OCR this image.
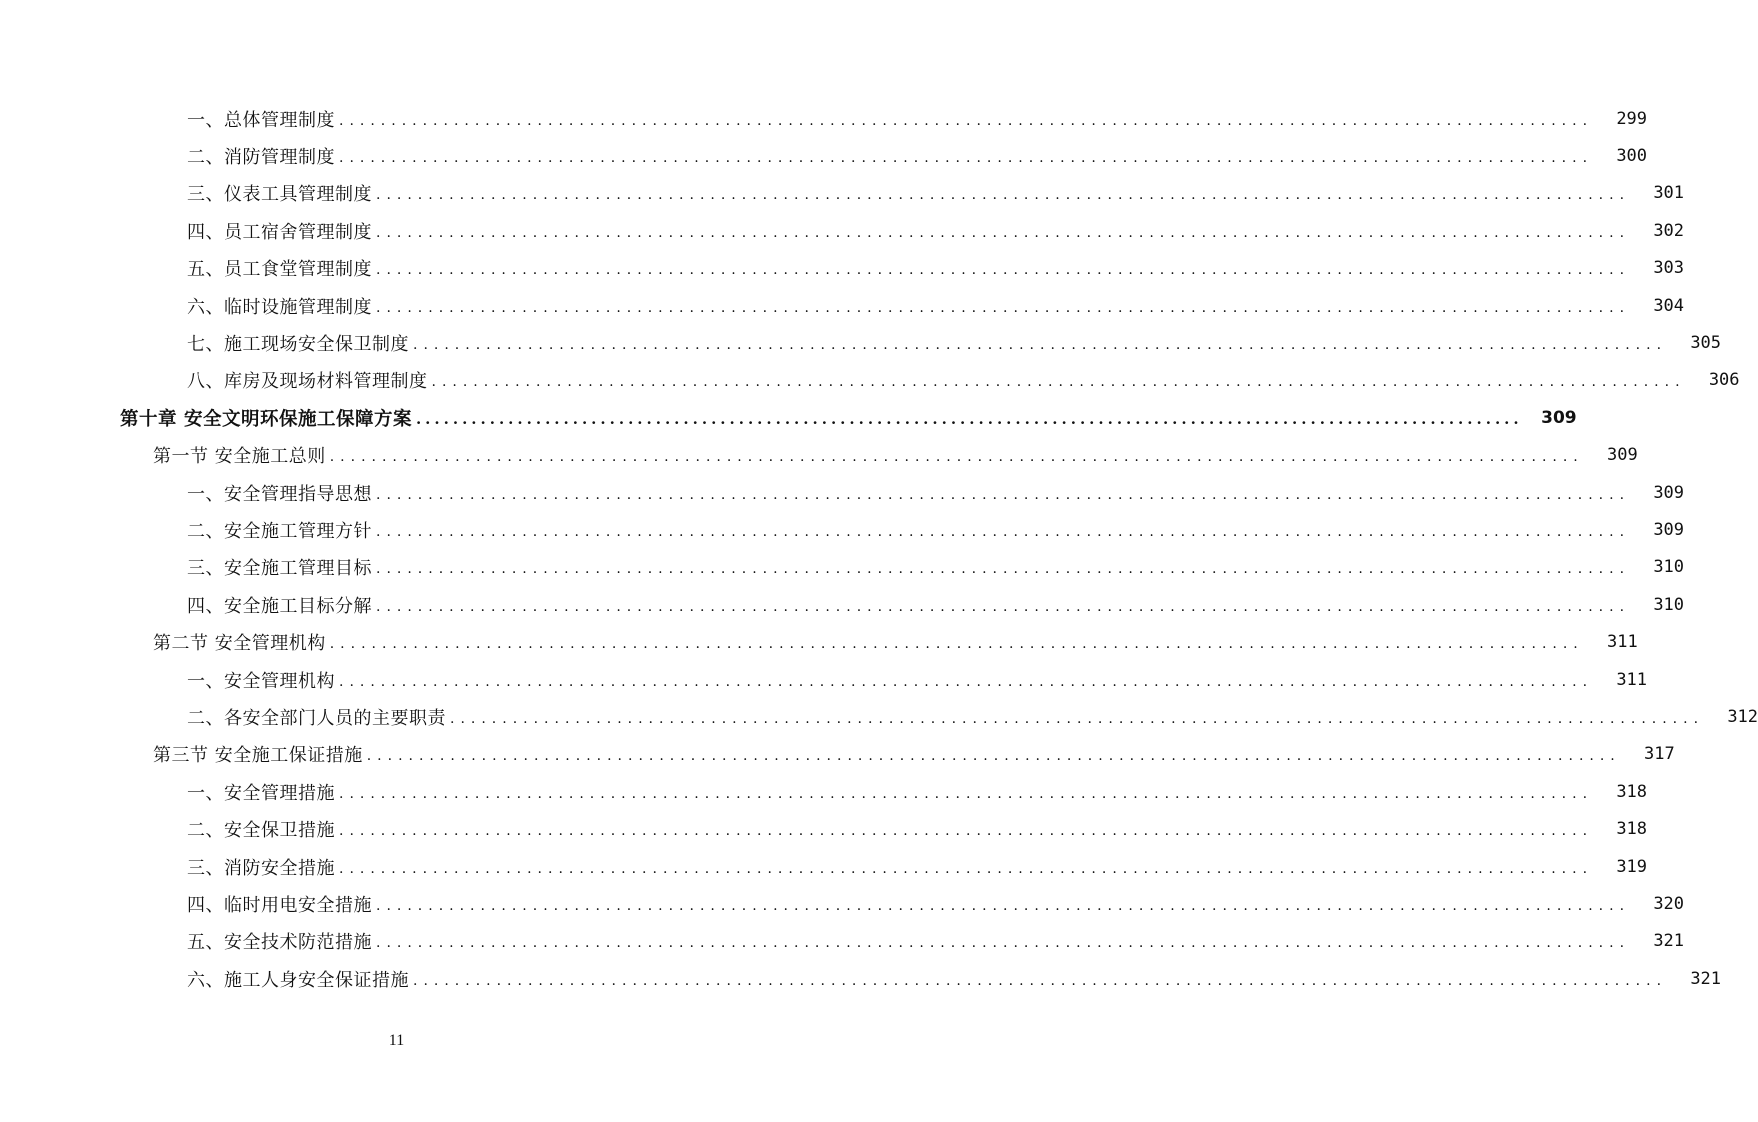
一、总体管理制度 ........................................................................................................................	299
二、消防管理制度 ........................................................................................................................	300
三、仪表工具管理制度 ........................................................................................................................	301
四、员工宿舍管理制度 ........................................................................................................................	302
五、员工食堂管理制度 ........................................................................................................................	303
六、临时设施管理制度 ........................................................................................................................	304
七、施工现场安全保卫制度 ........................................................................................................................	305
八、库房及现场材料管理制度 ........................................................................................................................	306
第十章 安全文明环保施工保障方案 ........................................................................................................................	309
第一节 安全施工总则 ........................................................................................................................	309
一、安全管理指导思想 ........................................................................................................................	309
二、安全施工管理方针 ........................................................................................................................	309
三、安全施工管理目标 ........................................................................................................................	310
四、安全施工目标分解 ........................................................................................................................	310
第二节 安全管理机构 ........................................................................................................................	311
一、安全管理机构 ........................................................................................................................	311
二、各安全部门人员的主要职责 ........................................................................................................................	312
第三节 安全施工保证措施 ........................................................................................................................	317
一、安全管理措施 ........................................................................................................................	318
二、安全保卫措施 ........................................................................................................................	318
三、消防安全措施 ........................................................................................................................	319
四、临时用电安全措施 ........................................................................................................................	320
五、安全技术防范措施 ........................................................................................................................	321
六、施工人身安全保证措施 ........................................................................................................................	321
11
